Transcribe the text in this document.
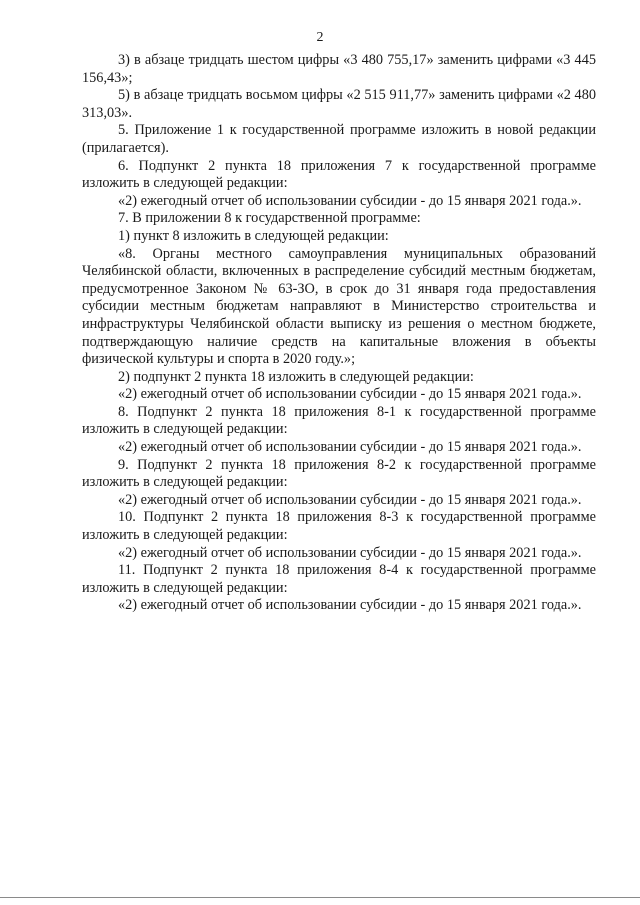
2

3) в абзаце тридцать шестом цифры «3 480 755,17» заменить цифрами «3 445 156,43»;

5) в абзаце тридцать восьмом цифры «2 515 911,77» заменить цифрами «2 480 313,03».

5. Приложение 1 к государственной программе изложить в новой редакции (прилагается).

6. Подпункт 2 пункта 18 приложения 7 к государственной программе изложить в следующей редакции:

«2) ежегодный отчет об использовании субсидии - до 15 января 2021 года.».

7. В приложении 8 к государственной программе:

1) пункт 8 изложить в следующей редакции:

«8. Органы местного самоуправления муниципальных образований Челябинской области, включенных в распределение субсидий местным бюджетам, предусмотренное Законом № 63-ЗО, в срок до 31 января года предоставления субсидии местным бюджетам направляют в Министерство строительства и инфраструктуры Челябинской области выписку из решения о местном бюджете, подтверждающую наличие средств на капитальные вложения в объекты физической культуры и спорта в 2020 году.»;

2) подпункт 2 пункта 18 изложить в следующей редакции:

«2) ежегодный отчет об использовании субсидии - до 15 января 2021 года.».

8. Подпункт 2 пункта 18 приложения 8-1 к государственной программе изложить в следующей редакции:

«2) ежегодный отчет об использовании субсидии - до 15 января 2021 года.».

9. Подпункт 2 пункта 18 приложения 8-2 к государственной программе изложить в следующей редакции:

«2) ежегодный отчет об использовании субсидии - до 15 января 2021 года.».

10. Подпункт 2 пункта 18 приложения 8-3 к государственной программе изложить в следующей редакции:

«2) ежегодный отчет об использовании субсидии - до 15 января 2021 года.».

11. Подпункт 2 пункта 18 приложения 8-4 к государственной программе изложить в следующей редакции:

«2) ежегодный отчет об использовании субсидии - до 15 января 2021 года.».
